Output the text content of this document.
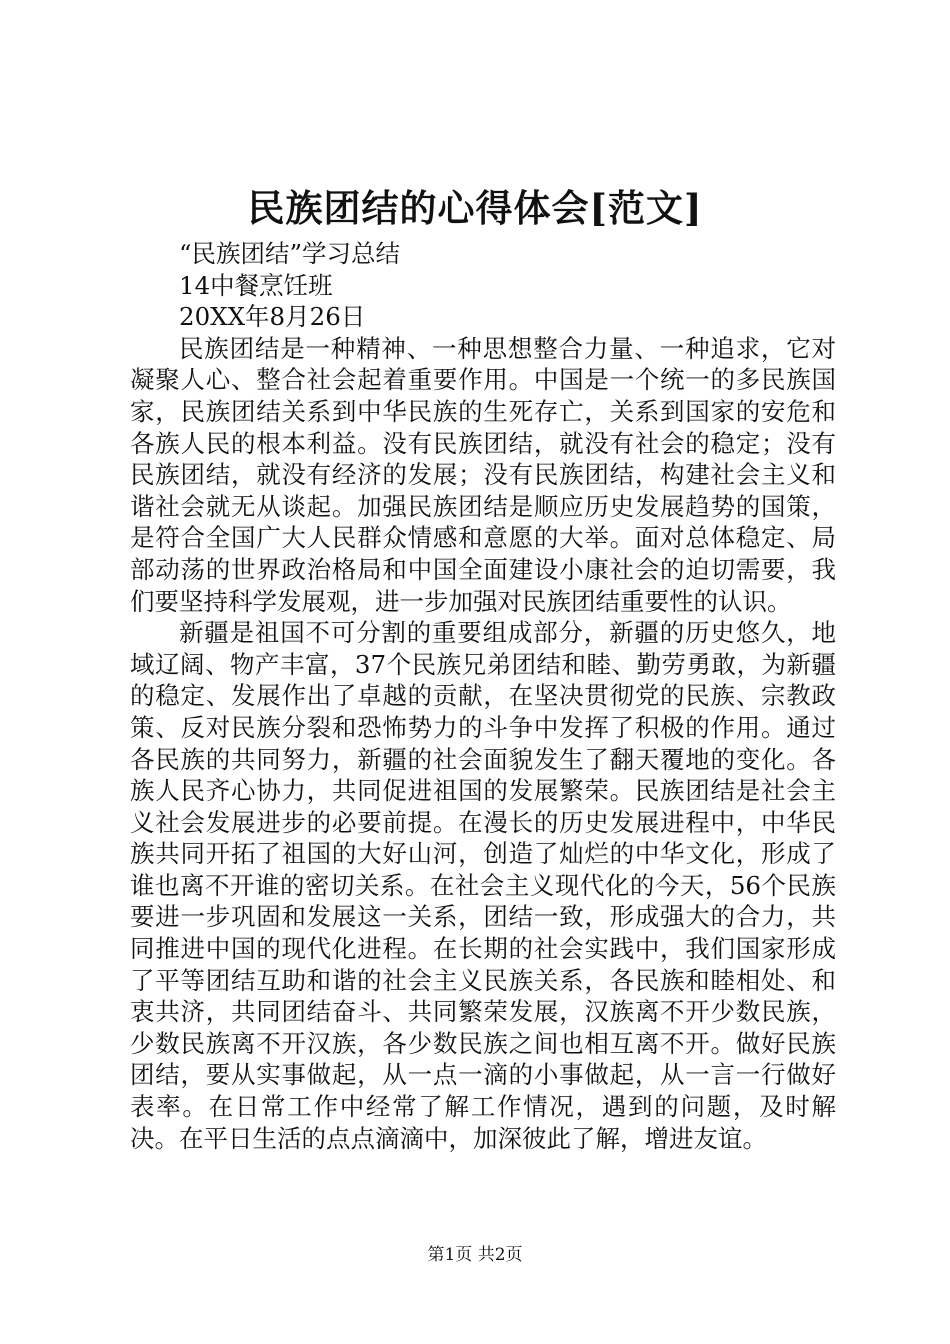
民族团结的心得体会[范文]

“民族团结”学习总结

14中餐烹饪班

20XX年8月26日

民族团结是一种精神、一种思想整合力量、一种追求，它对凝聚人心、整合社会起着重要作用。中国是一个统一的多民族国家，民族团结关系到中华民族的生死存亡，关系到国家的安危和各族人民的根本利益。没有民族团结，就没有社会的稳定；没有民族团结，就没有经济的发展；没有民族团结，构建社会主义和谐社会就无从谈起。加强民族团结是顺应历史发展趋势的国策，是符合全国广大人民群众情感和意愿的大举。面对总体稳定、局部动荡的世界政治格局和中国全面建设小康社会的迫切需要，我们要坚持科学发展观，进一步加强对民族团结重要性的认识。

新疆是祖国不可分割的重要组成部分，新疆的历史悠久，地域辽阔、物产丰富，37个民族兄弟团结和睦、勤劳勇敢，为新疆的稳定、发展作出了卓越的贡献，在坚决贯彻党的民族、宗教政策、反对民族分裂和恐怖势力的斗争中发挥了积极的作用。通过各民族的共同努力，新疆的社会面貌发生了翻天覆地的变化。各族人民齐心协力，共同促进祖国的发展繁荣。民族团结是社会主义社会发展进步的必要前提。在漫长的历史发展进程中，中华民族共同开拓了祖国的大好山河，创造了灿烂的中华文化，形成了谁也离不开谁的密切关系。在社会主义现代化的今天，56个民族要进一步巩固和发展这一关系，团结一致，形成强大的合力，共同推进中国的现代化进程。在长期的社会实践中，我们国家形成了平等团结互助和谐的社会主义民族关系，各民族和睦相处、和衷共济，共同团结奋斗、共同繁荣发展，汉族离不开少数民族，少数民族离不开汉族，各少数民族之间也相互离不开。做好民族团结，要从实事做起，从一点一滴的小事做起，从一言一行做好表率。在日常工作中经常了解工作情况，遇到的问题，及时解决。在平日生活的点点滴滴中，加深彼此了解，增进友谊。

第1页 共2页
